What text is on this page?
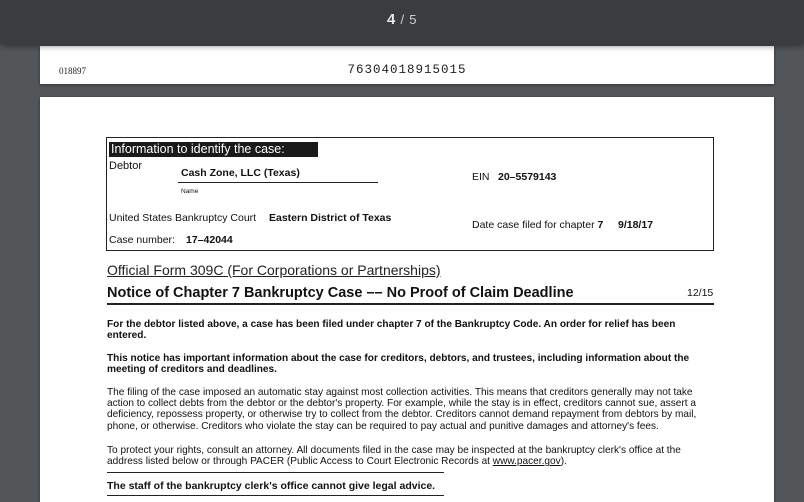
4 / 5
018897	76304018915015
Information to identify the case:
Debtor
Cash Zone, LLC (Texas)
Name
EIN 20–5579143
United States Bankruptcy Court Eastern District of Texas
Date case filed for chapter 7 9/18/17
Case number: 17–42044
Official Form 309C (For Corporations or Partnerships)
Notice of Chapter 7 Bankruptcy Case –– No Proof of Claim Deadline	12/15
For the debtor listed above, a case has been filed under chapter 7 of the Bankruptcy Code. An order for relief has been entered.
This notice has important information about the case for creditors, debtors, and trustees, including information about the meeting of creditors and deadlines.
The filing of the case imposed an automatic stay against most collection activities. This means that creditors generally may not take action to collect debts from the debtor or the debtor's property. For example, while the stay is in effect, creditors cannot sue, assert a deficiency, repossess property, or otherwise try to collect from the debtor. Creditors cannot demand repayment from debtors by mail, phone, or otherwise. Creditors who violate the stay can be required to pay actual and punitive damages and attorney's fees.
To protect your rights, consult an attorney. All documents filed in the case may be inspected at the bankruptcy clerk's office at the address listed below or through PACER (Public Access to Court Electronic Records at www.pacer.gov).
The staff of the bankruptcy clerk's office cannot give legal advice.
